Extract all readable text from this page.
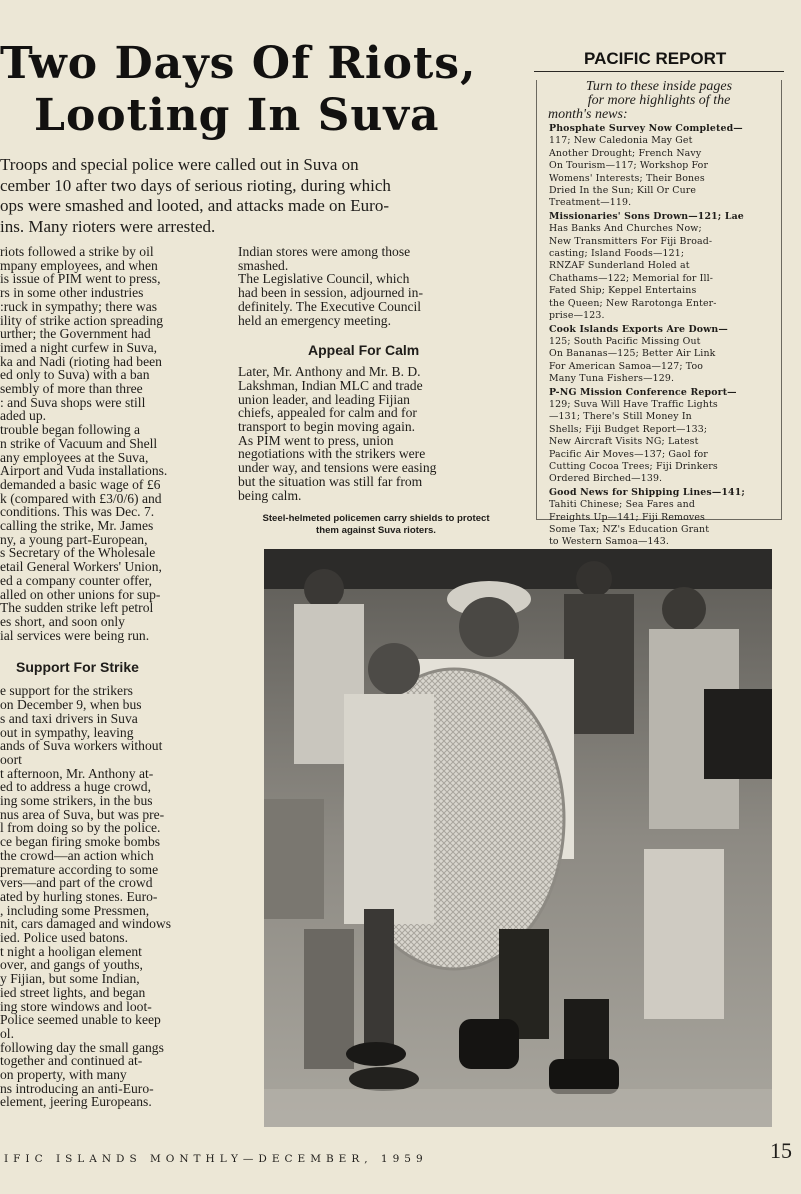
Two Days Of Riots,
Looting In Suva

Troops and special police were called out in Suva on

cember 10 after two days of serious rioting, during which

ops were smashed and looted, and attacks made on Euro-

ins. Many rioters were arrested.

riots followed a strike by oil

mpany employees, and when

is issue of PIM went to press,

rs in some other industries

:ruck in sympathy; there was

ility of strike action spreading

urther; the Government had

imed a night curfew in Suva,

ka and Nadi (rioting had been

ed only to Suva) with a ban

sembly of more than three

: and Suva shops were still

aded up.

trouble began following a

n strike of Vacuum and Shell

any employees at the Suva,

Airport and Vuda installations.

demanded a basic wage of £6

k (compared with £3/0/6) and

conditions. This was Dec. 7.

calling the strike, Mr. James

ny, a young part-European,

s Secretary of the Wholesale

etail General Workers' Union,

ed a company counter offer,

alled on other unions for sup-

The sudden strike left petrol

es short, and soon only

ial services were being run.

Support For Strike

e support for the strikers

on December 9, when bus

s and taxi drivers in Suva

out in sympathy, leaving

ands of Suva workers without

oort

t afternoon, Mr. Anthony at-

ed to address a huge crowd,

ing some strikers, in the bus

nus area of Suva, but was pre-

l from doing so by the police.

ce began firing smoke bombs

the crowd—an action which

premature according to some

vers—and part of the crowd

ated by hurling stones. Euro-

, including some Pressmen,

nit, cars damaged and windows

ied. Police used batons.

t night a hooligan element

over, and gangs of youths,

y Fijian, but some Indian,

ied street lights, and began

ing store windows and loot-

Police seemed unable to keep

ol.

following day the small gangs

together and continued at-

on property, with many

ns introducing an anti-Euro-

element, jeering Europeans.

Indian stores were among those

smashed.

The Legislative Council, which

had been in session, adjourned in-

definitely. The Executive Council

held an emergency meeting.

Appeal For Calm

Later, Mr. Anthony and Mr. B. D.

Lakshman, Indian MLC and trade

union leader, and leading Fijian

chiefs, appealed for calm and for

transport to begin moving again.

As PIM went to press, union

negotiations with the strikers were

under way, and tensions were easing

but the situation was still far from

being calm.

PACIFIC REPORT

Turn to these inside pages

for more highlights of the

month's news:

Phosphate Survey Now Completed—

117; New Caledonia May Get

Another Drought; French Navy

On Tourism—117; Workshop For

Womens' Interests; Their Bones

Dried In the Sun; Kill Or Cure

Treatment—119.

Missionaries' Sons Drown—121; Lae

Has Banks And Churches Now;

New Transmitters For Fiji Broad-

casting; Island Foods—121;

RNZAF Sunderland Holed at

Chathams—122; Memorial for Ill-

Fated Ship; Keppel Entertains

the Queen; New Rarotonga Enter-

prise—123.

Cook Islands Exports Are Down—

125; South Pacific Missing Out

On Bananas—125; Better Air Link

For American Samoa—127; Too

Many Tuna Fishers—129.

P-NG Mission Conference Report—

129; Suva Will Have Traffic Lights

—131; There's Still Money In

Shells; Fiji Budget Report—133;

New Aircraft Visits NG; Latest

Pacific Air Moves—137; Gaol for

Cutting Cocoa Trees; Fiji Drinkers

Ordered Birched—139.

Good News for Shipping Lines—141;

Tahiti Chinese; Sea Fares and

Freights Up—141; Fiji Removes

Some Tax; NZ's Education Grant

to Western Samoa—143.

Steel-helmeted policemen carry shields to protect

them against Suva rioters.

IFIC ISLANDS MONTHLY—DECEMBER, 1959	15
